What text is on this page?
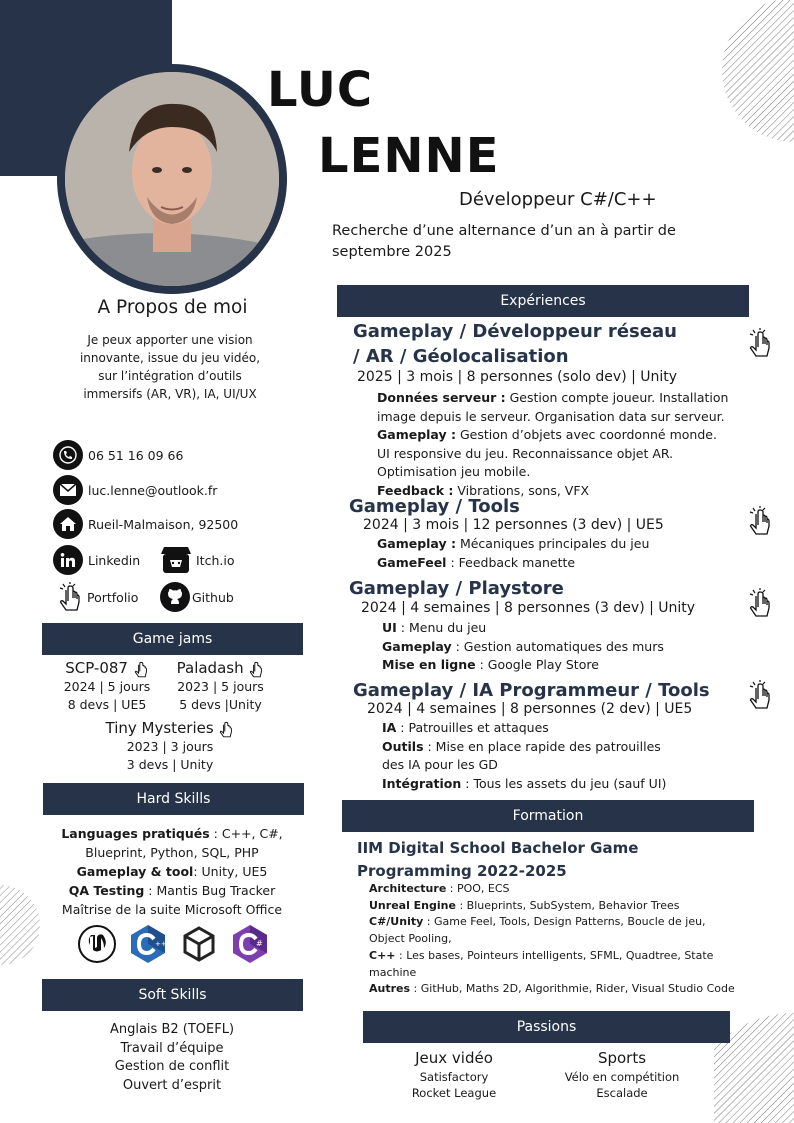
LUC
LENNE
Développeur C#/C++
Recherche d’une alternance d’un an à partir de septembre 2025
A Propos de moi
Je peux apporter une vision innovante, issue du jeu vidéo, sur l’intégration d’outils immersifs (AR, VR), IA, UI/UX
06 51 16 09 66
luc.lenne@outlook.fr
Rueil-Malmaison, 92500
Linkedin	Itch.io
Portfolio	Github
Game jams
SCP-087
2024 | 5 jours
8 devs | UE5
Paladash
2023 | 5 jours
5 devs |Unity
Tiny Mysteries
2023 | 3 jours
3 devs | Unity
Hard Skills
Languages pratiqués : C++, C#,
Blueprint, Python, SQL, PHP
Gameplay & tool: Unity, UE5
QA Testing : Mantis Bug Tracker
Maîtrise de la suite Microsoft Office
++	#
Soft Skills
Anglais B2 (TOEFL)
Travail d’équipe
Gestion de conflit
Ouvert d’esprit
Expériences
Gameplay / Développeur réseau
/ AR / Géolocalisation
2025 | 3 mois | 8 personnes (solo dev) | Unity
Données serveur : Gestion compte joueur. Installation
image depuis le serveur. Organisation data sur serveur.
Gameplay : Gestion d’objets avec coordonné monde.
UI responsive du jeu. Reconnaissance objet AR.
Optimisation jeu mobile.
Feedback : Vibrations, sons, VFX
Gameplay / Tools
2024 | 3 mois | 12 personnes (3 dev) | UE5
Gameplay : Mécaniques principales du jeu
GameFeel : Feedback manette
Gameplay / Playstore
2024 | 4 semaines | 8 personnes (3 dev) | Unity
UI : Menu du jeu
Gameplay : Gestion automatiques des murs
Mise en ligne : Google Play Store
Gameplay / IA Programmeur / Tools
2024 | 4 semaines | 8 personnes (2 dev) | UE5
IA : Patrouilles et attaques
Outils : Mise en place rapide des patrouilles
des IA pour les GD
Intégration : Tous les assets du jeu (sauf UI)
Formation
IIM Digital School Bachelor Game
Programming 2022-2025
Architecture : POO, ECS
Unreal Engine : Blueprints, SubSystem, Behavior Trees
C#/Unity : Game Feel, Tools, Design Patterns, Boucle de jeu,
Object Pooling,
C++ : Les bases, Pointeurs intelligents, SFML, Quadtree, State
machine
Autres : GitHub, Maths 2D, Algorithmie, Rider, Visual Studio Code
Passions
Jeux vidéo
Satisfactory
Rocket League
Sports
Vélo en compétition
Escalade
